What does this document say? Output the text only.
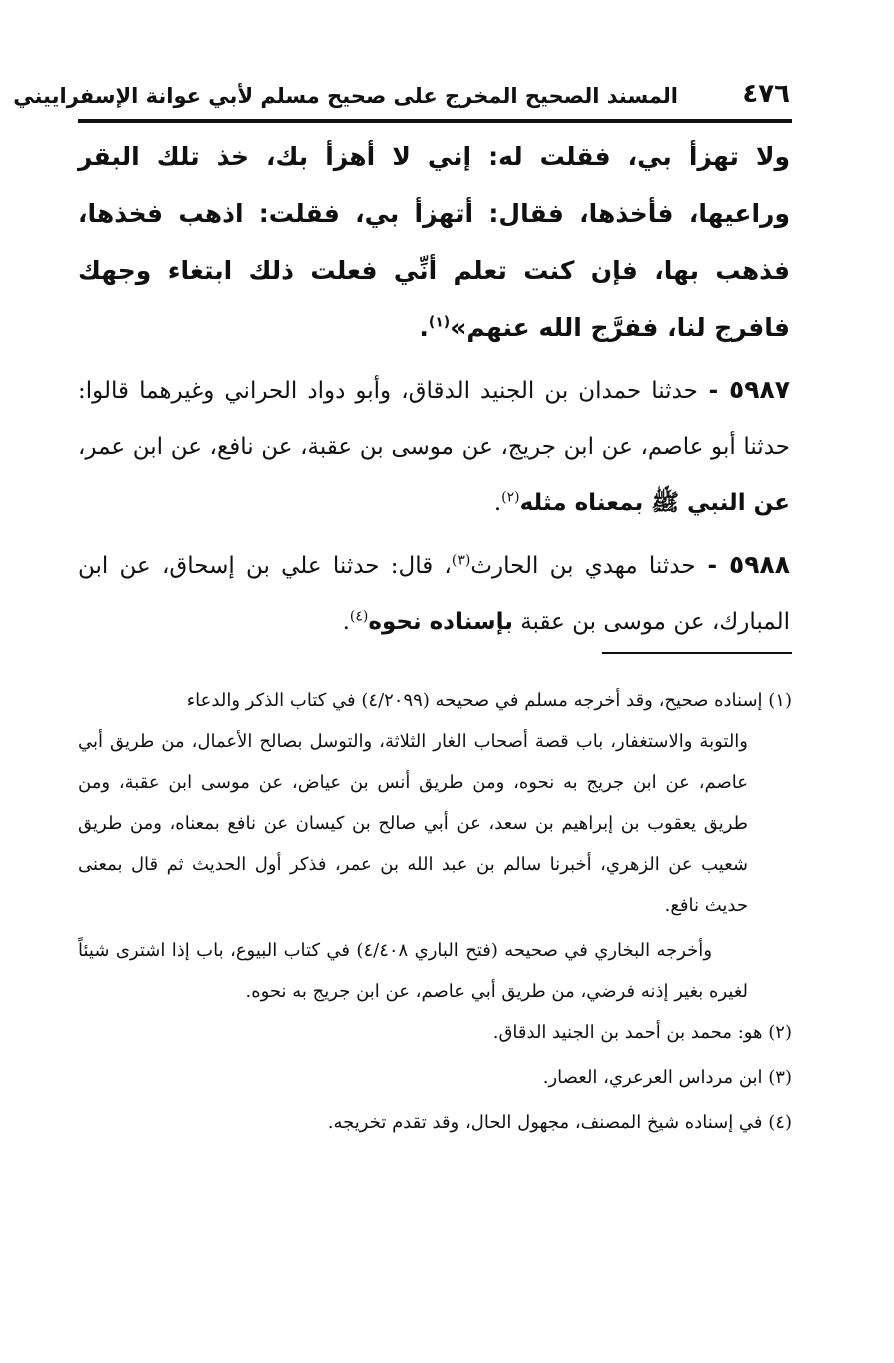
٤٧٦
المسند الصحيح المخرج على صحيح مسلم لأبي عوانة الإسفراييني

ولا تهزأ بي، فقلت له: إني لا أهزأ بك، خذ تلك البقر وراعيها، فأخذها، فقال: أتهزأ بي، فقلت: اذهب فخذها، فذهب بها، فإن كنت تعلم أنِّي فعلت ذلك ابتغاء وجهك فافرج لنا، ففرَّج الله عنهم»$^{(١)}$.

٥٩٨٧ - حدثنا حمدان بن الجنيد الدقاق، وأبو دواد الحراني وغيرهما قالوا: حدثنا أبو عاصم، عن ابن جريج، عن موسى بن عقبة، عن نافع، عن ابن عمر، عن النبي ﷺ بمعناه مثله$^{(٢)}$.

٥٩٨٨ - حدثنا مهدي بن الحارث$^{(٣)}$، قال: حدثنا علي بن إسحاق، عن ابن المبارك، عن موسى بن عقبة بإسناده نحوه$^{(٤)}$.

(١) إسناده صحيح، وقد أخرجه مسلم في صحيحه (٤/٢٠٩٩) في كتاب الذكر والدعاء

والتوبة والاستغفار، باب قصة أصحاب الغار الثلاثة، والتوسل بصالح الأعمال، من طريق أبي عاصم، عن ابن جريج به نحوه، ومن طريق أنس بن عياض، عن موسى ابن عقبة، ومن طريق يعقوب بن إبراهيم بن سعد، عن أبي صالح بن كيسان عن نافع بمعناه، ومن طريق شعيب عن الزهري، أخبرنا سالم بن عبد الله بن عمر، فذكر أول الحديث ثم قال بمعنى حديث نافع.

وأخرجه البخاري في صحيحه (فتح الباري ٤/٤٠٨) في كتاب البيوع، باب إذا اشترى شيئاً لغيره بغير إذنه فرضي، من طريق أبي عاصم، عن ابن جريج به نحوه.

(٢) هو: محمد بن أحمد بن الجنيد الدقاق.

(٣) ابن مرداس العرعري، العصار.

(٤) في إسناده شيخ المصنف، مجهول الحال، وقد تقدم تخريجه.
